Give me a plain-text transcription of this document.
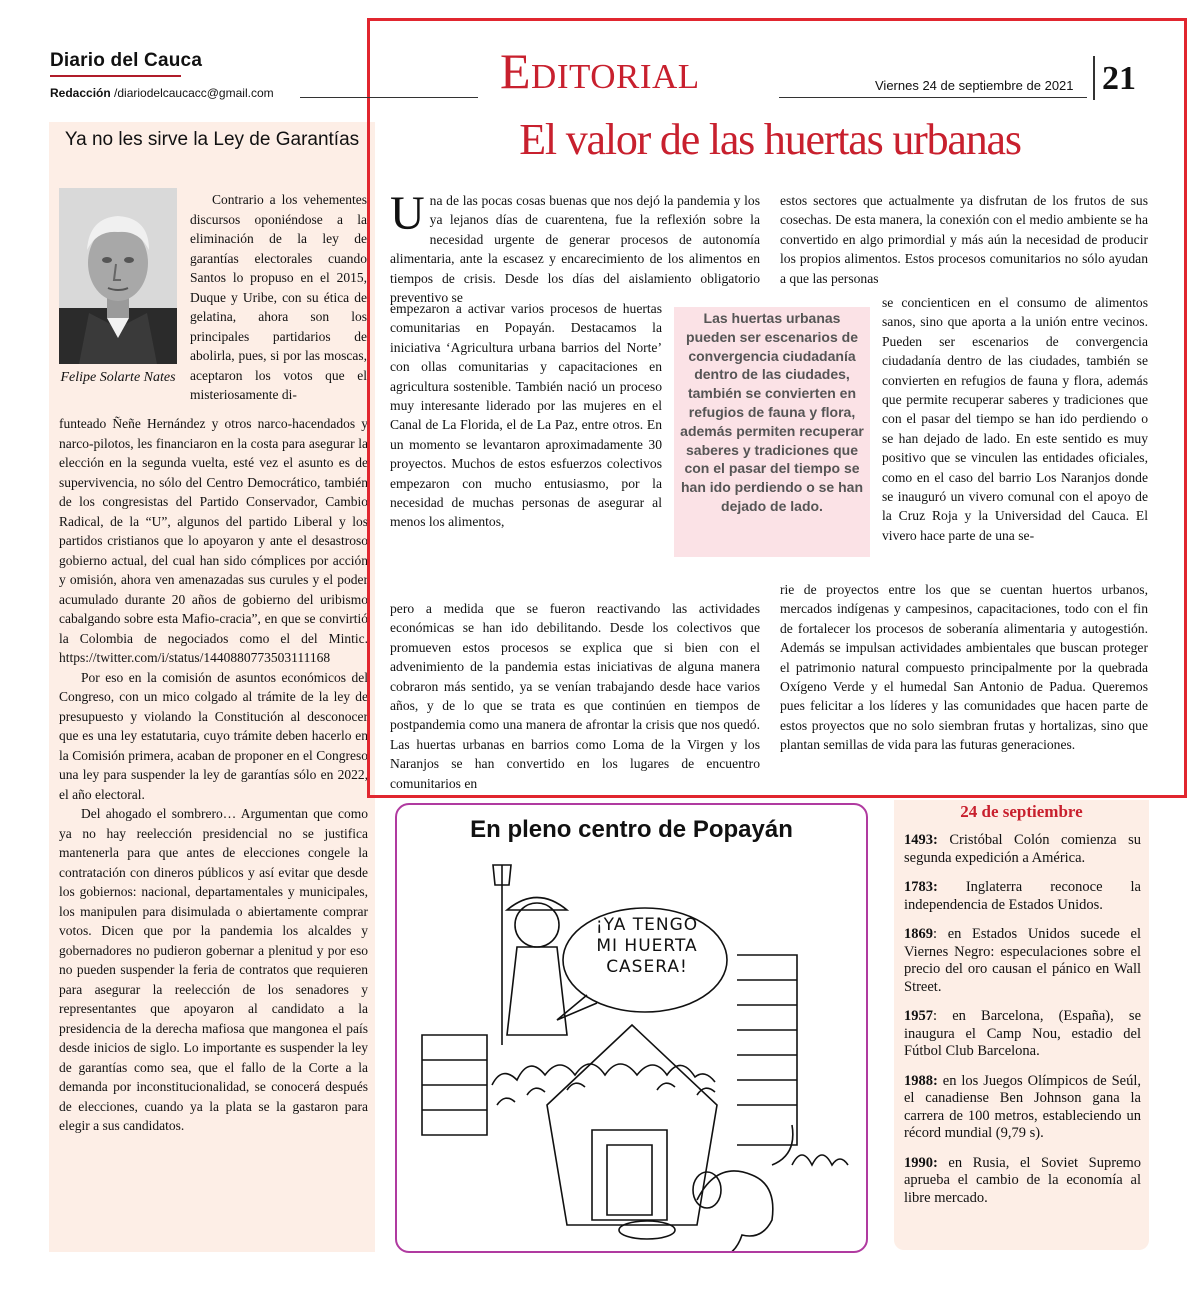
Diario del Cauca
Redacción /diariodelcaucacc@gmail.com
Ya no les sirve la Ley de Garantías
Felipe Solarte Nates

Contrario a los vehementes discursos oponiéndose a la eliminación de la ley de garantías electorales cuando Santos lo propuso en el 2015, Duque y Uribe, con su ética de gelatina, ahora son los principales partidarios de abolirla, pues, si por las moscas, aceptaron los votos que el misteriosamente di-

funteado Ñeñe Hernández y otros narco-hacendados y narco-pilotos, les financiaron en la costa para asegurar la elección en la segunda vuelta, esté vez el asunto es de supervivencia, no sólo del Centro Democrático, también de los congresistas del Partido Conservador, Cambio Radical, de la “U”, algunos del partido Liberal y los partidos cristianos que lo apoyaron y ante el desastroso gobierno actual, del cual han sido cómplices por acción y omisión, ahora ven amenazadas sus curules y el poder acumulado durante 20 años de gobierno del uribismo cabalgando sobre esta Mafio-cracia”, en que se convirtió la Colombia de negociados como el del Mintic. https://twitter.com/i/status/1440880773503111168

Por eso en la comisión de asuntos económicos del Congreso, con un mico colgado al trámite de la ley de presupuesto y violando la Constitución al desconocer que es una ley estatutaria, cuyo trámite deben hacerlo en la Comisión primera, acaban de proponer en el Congreso una ley para suspender la ley de garantías sólo en 2022, el año electoral.

Del ahogado el sombrero… Argumentan que como ya no hay reelección presidencial no se justifica mantenerla para que antes de elecciones congele la contratación con dineros públicos y así evitar que desde los gobiernos: nacional, departamentales y municipales, los manipulen para disimulada o abiertamente comprar votos. Dicen que por la pandemia los alcaldes y gobernadores no pudieron gobernar a plenitud y por eso no pueden suspender la feria de contratos que requieren para asegurar la reelección de los senadores y representantes que apoyaron al candidato a la presidencia de la derecha mafiosa que mangonea el país desde inicios de siglo. Lo importante es suspender la ley de garantías como sea, que el fallo de la Corte a la demanda por inconstitucionalidad, se conocerá después de elecciones, cuando ya la plata se la gastaron para elegir a sus candidatos.

Editorial	Viernes 24 de septiembre de 2021 21
El valor de las huertas urbanas
Una de las pocas cosas buenas que nos dejó la pandemia y los ya lejanos días de cuarentena, fue la reflexión sobre la necesidad urgente de generar procesos de autonomía alimentaria, ante la escasez y encarecimiento de los alimentos en tiempos de crisis. Desde los días del aislamiento obligatorio preventivo se
empezaron a activar varios procesos de huertas comunitarias en Popayán. Destacamos la iniciativa ‘Agricultura urbana barrios del Norte’ con ollas comunitarias y capacitaciones en agricultura sostenible. También nació un proceso muy interesante liderado por las mujeres en el Canal de La Florida, el de La Paz, entre otros. En un momento se levantaron aproximadamente 30 proyectos. Muchos de estos esfuerzos colectivos empezaron con mucho entusiasmo, por la necesidad de muchas personas de asegurar al menos los alimentos,
pero a medida que se fueron reactivando las actividades económicas se han ido debilitando. Desde los colectivos que promueven estos procesos se explica que si bien con el advenimiento de la pandemia estas iniciativas de alguna manera cobraron más sentido, ya se venían trabajando desde hace varios años, y de lo que se trata es que continúen en tiempos de postpandemia como una manera de afrontar la crisis que nos quedó. Las huertas urbanas en barrios como Loma de la Virgen y los Naranjos se han convertido en los lugares de encuentro comunitarios en
Las huertas urbanas pueden ser escenarios de convergencia ciudadanía dentro de las ciudades, también se convierten en refugios de fauna y flora, además permiten recuperar saberes y tradiciones que con el pasar del tiempo se han ido perdiendo o se han dejado de lado.
estos sectores que actualmente ya disfrutan de los frutos de sus cosechas. De esta manera, la conexión con el medio ambiente se ha convertido en algo primordial y más aún la necesidad de producir los propios alimentos. Estos procesos comunitarios no sólo ayudan a que las personas
se concienticen en el consumo de alimentos sanos, sino que aporta a la unión entre vecinos. Pueden ser escenarios de convergencia ciudadanía dentro de las ciudades, también se convierten en refugios de fauna y flora, además que permite recuperar saberes y tradiciones que con el pasar del tiempo se han ido perdiendo o se han dejado de lado. En este sentido es muy positivo que se vinculen las entidades oficiales, como en el caso del barrio Los Naranjos donde se inauguró un vivero comunal con el apoyo de la Cruz Roja y la Universidad del Cauca. El vivero hace parte de una se-
rie de proyectos entre los que se cuentan huertos urbanos, mercados indígenas y campesinos, capacitaciones, todo con el fin de fortalecer los procesos de soberanía alimentaria y autogestión. Además se impulsan actividades ambientales que buscan proteger el patrimonio natural compuesto principalmente por la quebrada Oxígeno Verde y el humedal San Antonio de Padua. Queremos pues felicitar a los líderes y las comunidades que hacen parte de estos proyectos que no solo siembran frutas y hortalizas, sino que plantan semillas de vida para las futuras generaciones.
¡YA TENGO
MI HUERTA
CASERA!
En pleno centro de Popayán
24 de septiembre

1493: Cristóbal Colón comienza su segunda expedición a América.

1783: Inglaterra reconoce la independencia de Estados Unidos.

1869: en Estados Unidos sucede el Viernes Negro: especulaciones sobre el precio del oro causan el pánico en Wall Street.

1957: en Barcelona, (España), se inaugura el Camp Nou, estadio del Fútbol Club Barcelona.

1988: en los Juegos Olímpicos de Seúl, el canadiense Ben Johnson gana la carrera de 100 metros, estableciendo un récord mundial (9,79 s).

1990: en Rusia, el Soviet Supremo aprueba el cambio de la economía al libre mercado.
